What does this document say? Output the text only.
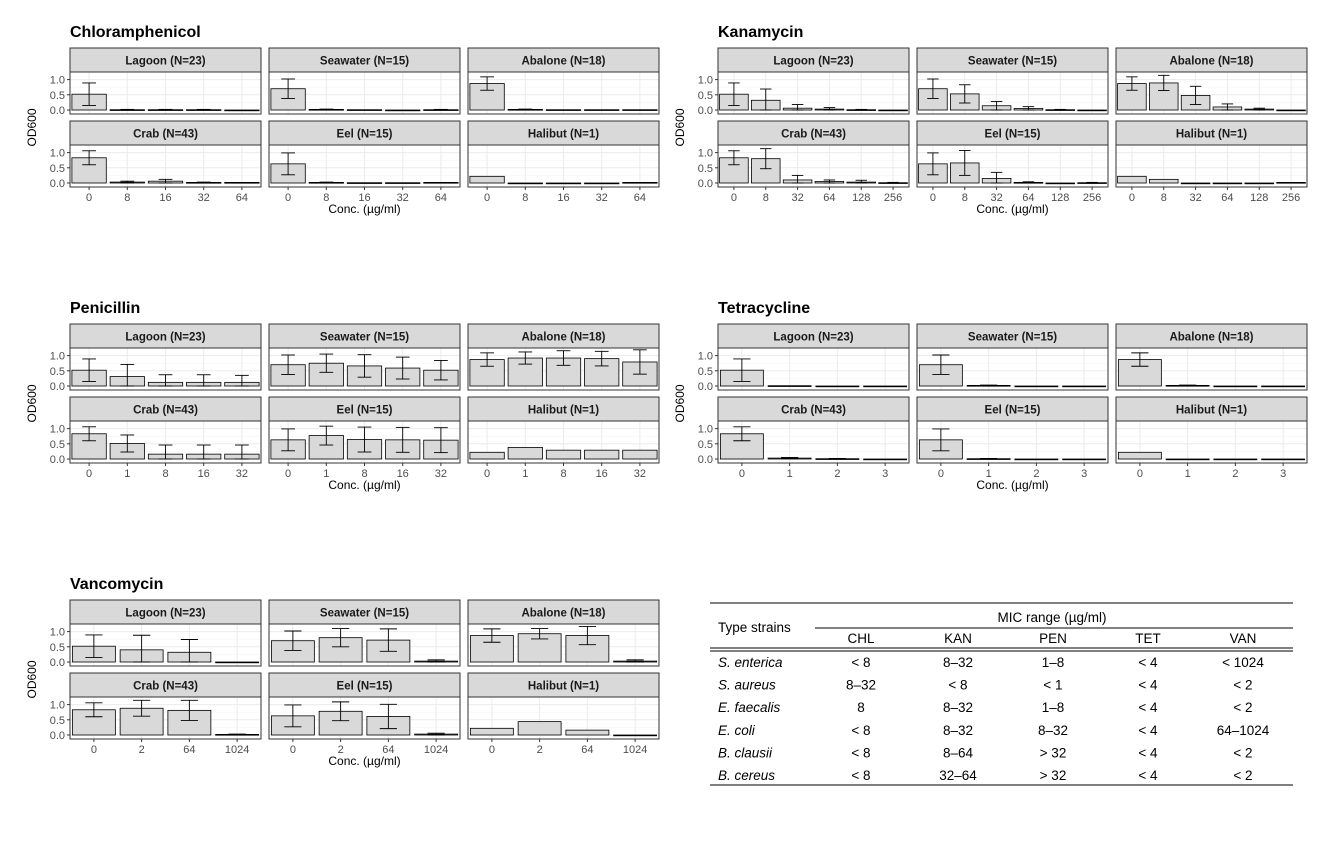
Chloramphenicol
Lagoon (N=23)
0.0
0.5
1.0
Seawater (N=15)	Abalone (N=18)
Crab (N=43)
0.0
0.5
1.0
0	8	16 32 64
Eel (N=15)
0	8	16 32 64
Halibut (N=1)
0	8	16 32 64
Conc. (µg/ml)
OD600
Kanamycin
Lagoon (N=23)
0.0
0.5
1.0
Seawater (N=15)	Abalone (N=18)
Crab (N=43)
0.0
0.5
1.0
0 8 32 64 128 256
Eel (N=15)
0 8 32 64 128 256
Halibut (N=1)
0 8 32 64 128 256
Conc. (µg/ml)
OD600
Penicillin
Lagoon (N=23)
0.0
0.5
1.0
Seawater (N=15)	Abalone (N=18)
Crab (N=43)
0.0
0.5
1.0
0	1	8	16 32
Eel (N=15)
0	1	8	16 32
Halibut (N=1)
0	1	8	16 32
Conc. (µg/ml)
OD600
Tetracycline
Lagoon (N=23)
0.0
0.5
1.0
Seawater (N=15)	Abalone (N=18)
Crab (N=43)
0.0
0.5
1.0
0	1	2	3
Eel (N=15)
0	1	2	3
Halibut (N=1)
0	1	2	3
Conc. (µg/ml)
OD600
Vancomycin
Lagoon (N=23)
0.0
0.5
1.0
Seawater (N=15)	Abalone (N=18)
Crab (N=43)
0.0
0.5
1.0
0	2	64	1024
Eel (N=15)
0	2	64	1024
Halibut (N=1)
0	2	64	1024
Conc. (µg/ml)
OD600
MIC range (µg/ml)
Type strains
CHL	KAN	PEN	TET	VAN
S. enterica	< 8	8–32	1–8	< 4	< 1024
S. aureus	8–32	< 8	< 1	< 4	< 2
E. faecalis	8	8–32	1–8	< 4	< 2
E. coli	< 8	8–32	8–32	< 4	64–1024
B. clausii	< 8	8–64	> 32	< 4	< 2
B. cereus	< 8	32–64	> 32	< 4	< 2
